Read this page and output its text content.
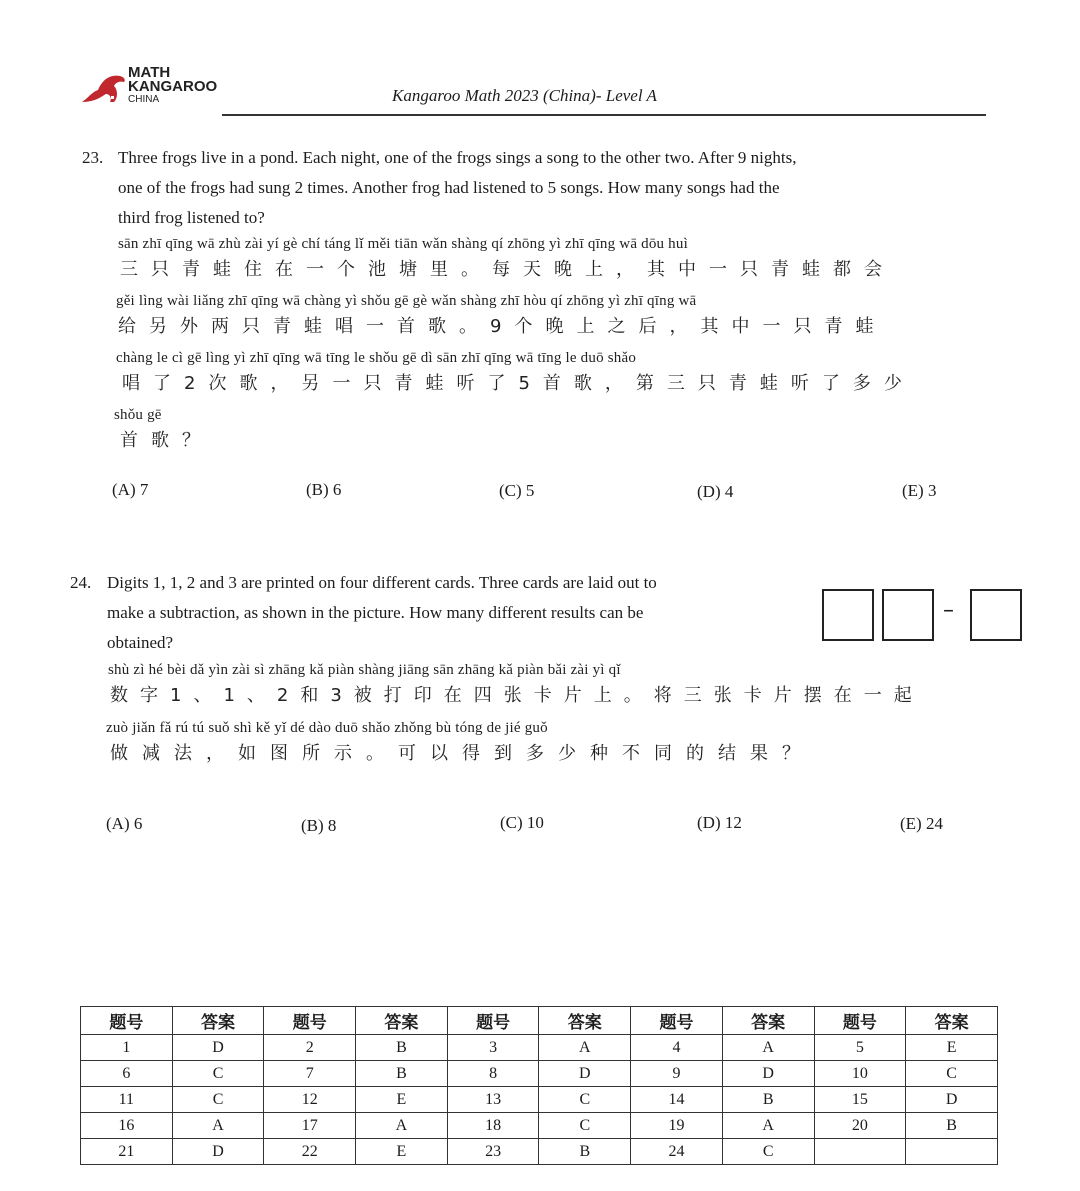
MATH
KANGAROO
CHINA	Kangaroo Math 2023 (China)- Level A
23. Three frogs live in a pond. Each night, one of the frogs sings a song to the other two. After 9 nights,
one of the frogs had sung 2 times. Another frog had listened to 5 songs. How many songs had the
third frog listened to?
sān zhī qīng wā zhù zài yí gè chí táng lǐ měi tiān wǎn shàng qí zhōng yì zhī qīng wā dōu huì
三只青蛙住在一个池塘里。每天晚上，其中一只青蛙都会
gěi lìng wài liǎng zhī qīng wā chàng yì shǒu gē gè wǎn shàng zhī hòu qí zhōng yì zhī qīng wā
给另外两只青蛙唱一首歌。9个晚上之后，其中一只青蛙
chàng le cì gē lìng yì zhī qīng wā tīng le shǒu gē dì sān zhī qīng wā tīng le duō shǎo
唱了2次歌，另一只青蛙听了5首歌，第三只青蛙听了多少
shǒu gē
首歌？
(A) 7	(B) 6	(C) 5	(D) 4	(E) 3
24. Digits 1, 1, 2 and 3 are printed on four different cards. Three cards are laid out to
make a subtraction, as shown in the picture. How many different results can be
obtained?
–
shù zì hé bèi dǎ yìn zài sì zhāng kǎ piàn shàng jiāng sān zhāng kǎ piàn bǎi zài yì qǐ
数字1、1、2和3被打印在四张卡片上。将三张卡片摆在一起
zuò jiǎn fǎ rú tú suǒ shì kě yǐ dé dào duō shǎo zhǒng bù tóng de jié guǒ
做减法，如图所示。可以得到多少种不同的结果？
(A) 6	(B) 8	(C) 10	(D) 12	(E) 24
题号	答案	题号	答案	题号	答案	题号	答案	题号	答案
1	D	2	B	3	A	4	A	5	E
6	C	7	B	8	D	9	D	10	C
11	C	12	E	13	C	14	B	15	D
16	A	17	A	18	C	19	A	20	B
21	D	22	E	23	B	24	C		
